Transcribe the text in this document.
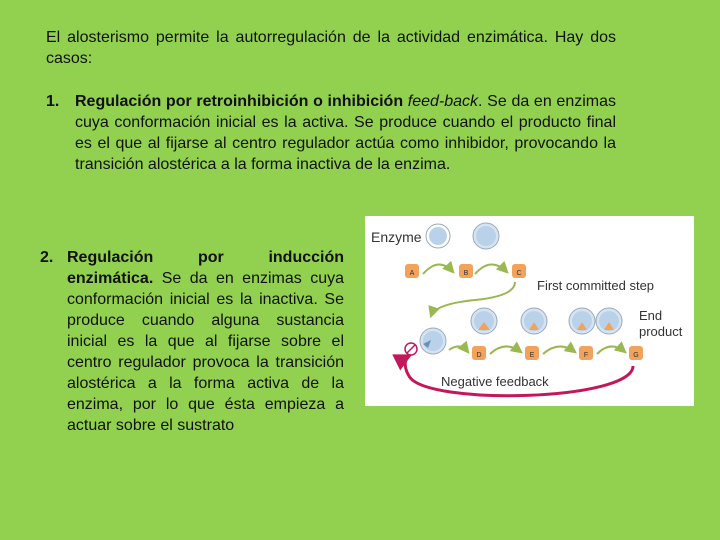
El alosterismo permite la autorregulación de la actividad enzimática. Hay dos casos:
1. Regulación por retroinhibición o inhibición feed-back. Se da en enzimas cuya conformación inicial es la activa. Se produce cuando el producto final es el que al fijarse al centro regulador actúa como inhibidor, provocando la transición alostérica a la forma inactiva de la enzima.
2. Regulación por inducción enzimática. Se da en enzimas cuya conformación inicial es la inactiva. Se produce cuando alguna sustancia inicial es la que al fijarse sobre el centro regulador provoca la transición alostérica a la forma activa de la enzima, por lo que ésta empieza a actuar sobre el sustrato
Enzyme
A	B	C
First committed step
End
product
D	E	F	G
Negative feedback
